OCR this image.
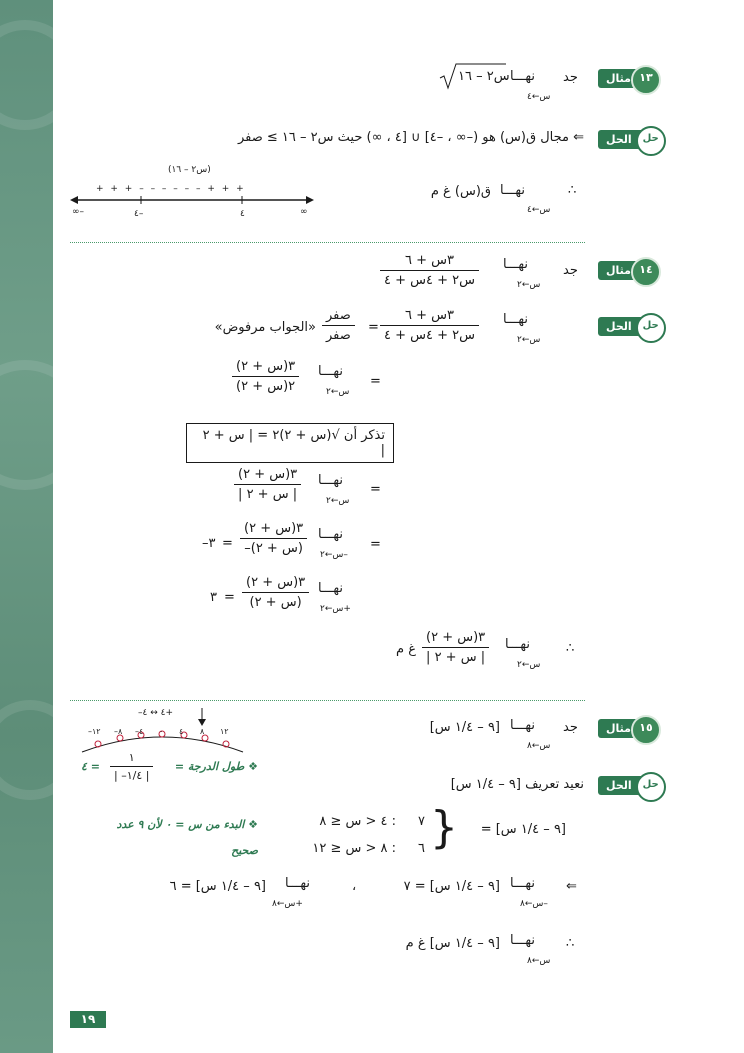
مثال ١٣
جد
نهـــا
س←٤
س٢ – ١٦
الحل	حل
⇐ مجال ق(س) هو (–∞ ، –٤] ∪ [٤ ، ∞) حيث س٢ – ١٦ ≥ صفر
(س٢ – ١٦)
+ + + – – – – – – + + +
٤–	٤
∞–	∞
∴
نهـــا
س←٤
ق(س) غ م
مثال ١٤
جد
نهـــا
س←٢
٣س + ٦
س٢ + ٤س + ٤
الحل	حل
نهـــا
س←٢
٣س + ٦
س٢ + ٤س + ٤
=
صفر
صفر
«الجواب مرفوض»
=
نهـــا
س←٢
٣(س + ٢)
(س + ٢)٢
تذكر أن √(س + ٢)٢ = | س + ٢ |
=
نهـــا
س←٢
٣(س + ٢)
| س + ٢ |
=
نهـــا
س←٢–
٣(س + ٢)
–(س + ٢)
=
–٣
نهـــا
س←٢+
٣(س + ٢)
(س + ٢)
=
٣
∴
نهـــا
س←٢
٣(س + ٢)
| س + ٢ |
غ م
مثال ١٥
جد
نهـــا
س←٨
[٩ – ١/٤ س]
الحل	حل
نعيد تعريف [٩ – ١/٤ س]
–٤ ↔ ٤+
–١٢ –٨ –٤ ٠ ٤ ٨ ١٢
❖ طول الدرجة =
١
| –١/٤ |
= ٤
❖ البدء من س = ٠ لأن ٩ عدد صحيح
[٩ – ١/٤ س] =
}
٧
: ٤ < س ≤ ٨
٦
: ٨ < س ≤ ١٢
⇐
نهـــا
س←٨–
[٩ – ١/٤ س] = ٧
،
نهـــا
س←٨+
[٩ – ١/٤ س] = ٦
∴
نهـــا
س←٨
[٩ – ١/٤ س] غ م
١٩
